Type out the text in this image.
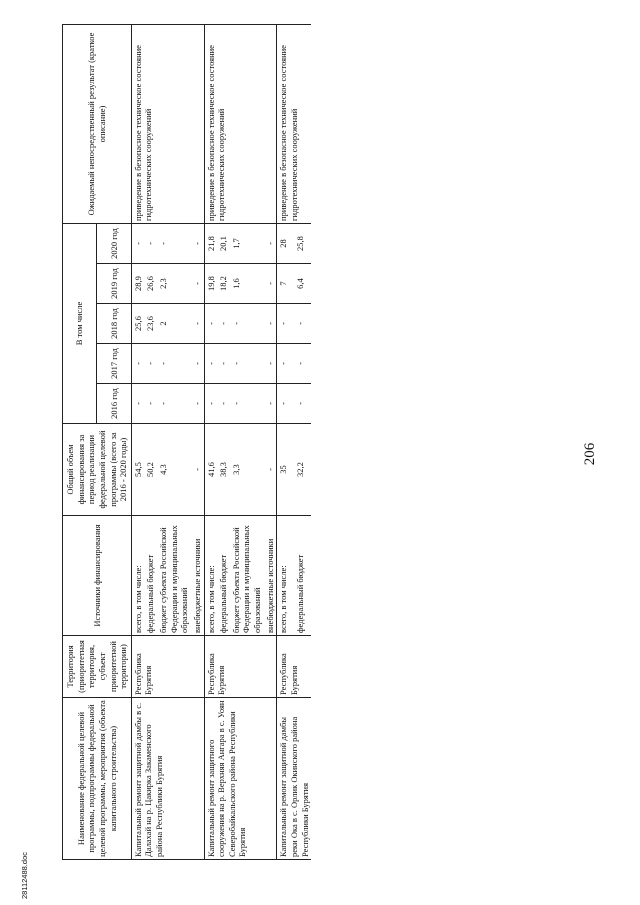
206
Наименование федеральной целевой программы, подпрограммы федеральной целевой программы, мероприятия (объекта капитального строительства)	Территория (приоритетная территория, субъект приоритетной территории)	Источники финансирования	Общий объем финансирования за период реализации федеральной целевой программы (всего за 2016 - 2020 годы)	В том числе					Ожидаемый непосредственный результат (краткое описание)
				2016 год	2017 год	2018 год	2019 год	2020 год	
Капитальный ремонт защитной дамбы в с. Далахай на р. Цакирка Закаменского района Республики Бурятия	Республика Бурятия	всего, в том числе:	54,5	-	-	25,6	28,9	-	приведение в безопасное техническое состояние гидротехнических сооружений
		федеральный бюджет	50,2	-	-	23,6	26,6	-	
		бюджет субъекта Российской Федерации и муниципальных образований	4,3	-	-	2	2,3	-	
		внебюджетные источники	-	-	-	-	-	-	
Капитальный ремонт защитного сооружения на р. Верхняя Ангара в с. Уоян Северобайкальского района Республики Бурятия	Республика Бурятия	всего, в том числе:	41,6	-	-	-	19,8	21,8	приведение в безопасное техническое состояние гидротехнических сооружений
		федеральный бюджет	38,3	-	-	-	18,2	20,1	
		бюджет субъекта Российской Федерации и муниципальных образований	3,3	-	-	-	1,6	1,7	
		внебюджетные источники	-	-	-	-	-	-	
Капитальный ремонт защитной дамбы реки Ока в с. Орлик Окинского района Республики Бурятия	Республика Бурятия	всего, в том числе:	35	-	-	-	7	28	приведение в безопасное техническое состояние гидротехнических сооружений
		федеральный бюджет	32,2	-	-	-	6,4	25,8	
28112488.doc
